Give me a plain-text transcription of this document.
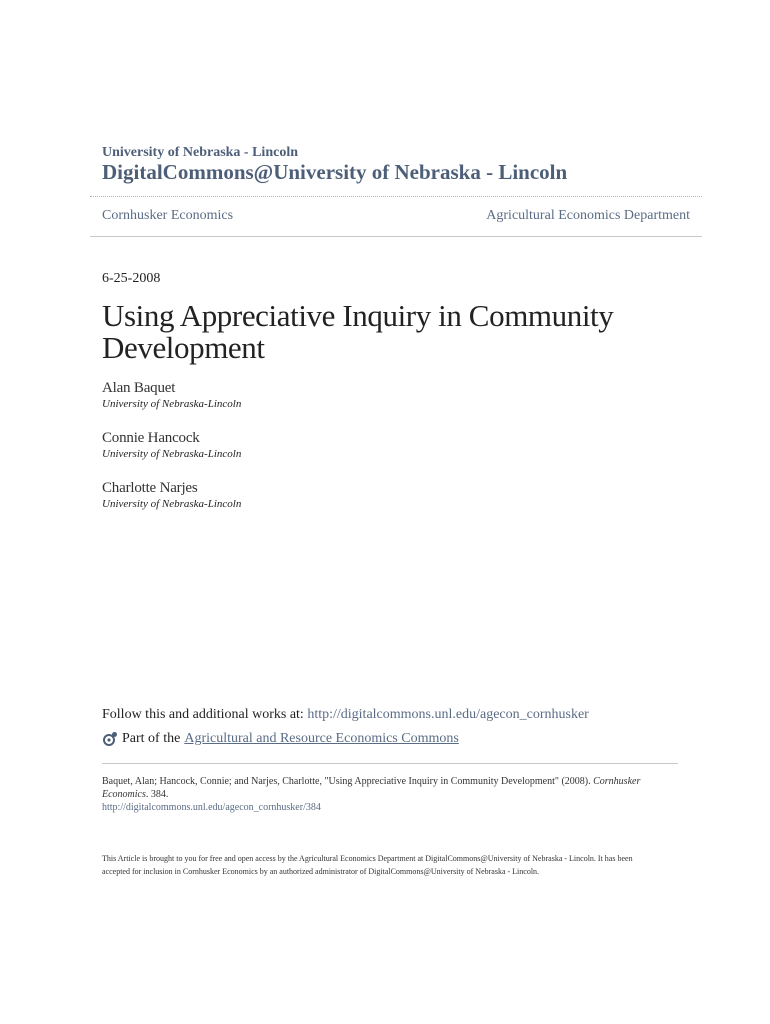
University of Nebraska - Lincoln
DigitalCommons@University of Nebraska - Lincoln
Cornhusker Economics	Agricultural Economics Department
6-25-2008
Using Appreciative Inquiry in Community Development
Alan Baquet
University of Nebraska-Lincoln
Connie Hancock
University of Nebraska-Lincoln
Charlotte Narjes
University of Nebraska-Lincoln
Follow this and additional works at: http://digitalcommons.unl.edu/agecon_cornhusker
Part of the Agricultural and Resource Economics Commons
Baquet, Alan; Hancock, Connie; and Narjes, Charlotte, "Using Appreciative Inquiry in Community Development" (2008). Cornhusker Economics. 384.
http://digitalcommons.unl.edu/agecon_cornhusker/384
This Article is brought to you for free and open access by the Agricultural Economics Department at DigitalCommons@University of Nebraska - Lincoln. It has been accepted for inclusion in Cornhusker Economics by an authorized administrator of DigitalCommons@University of Nebraska - Lincoln.
